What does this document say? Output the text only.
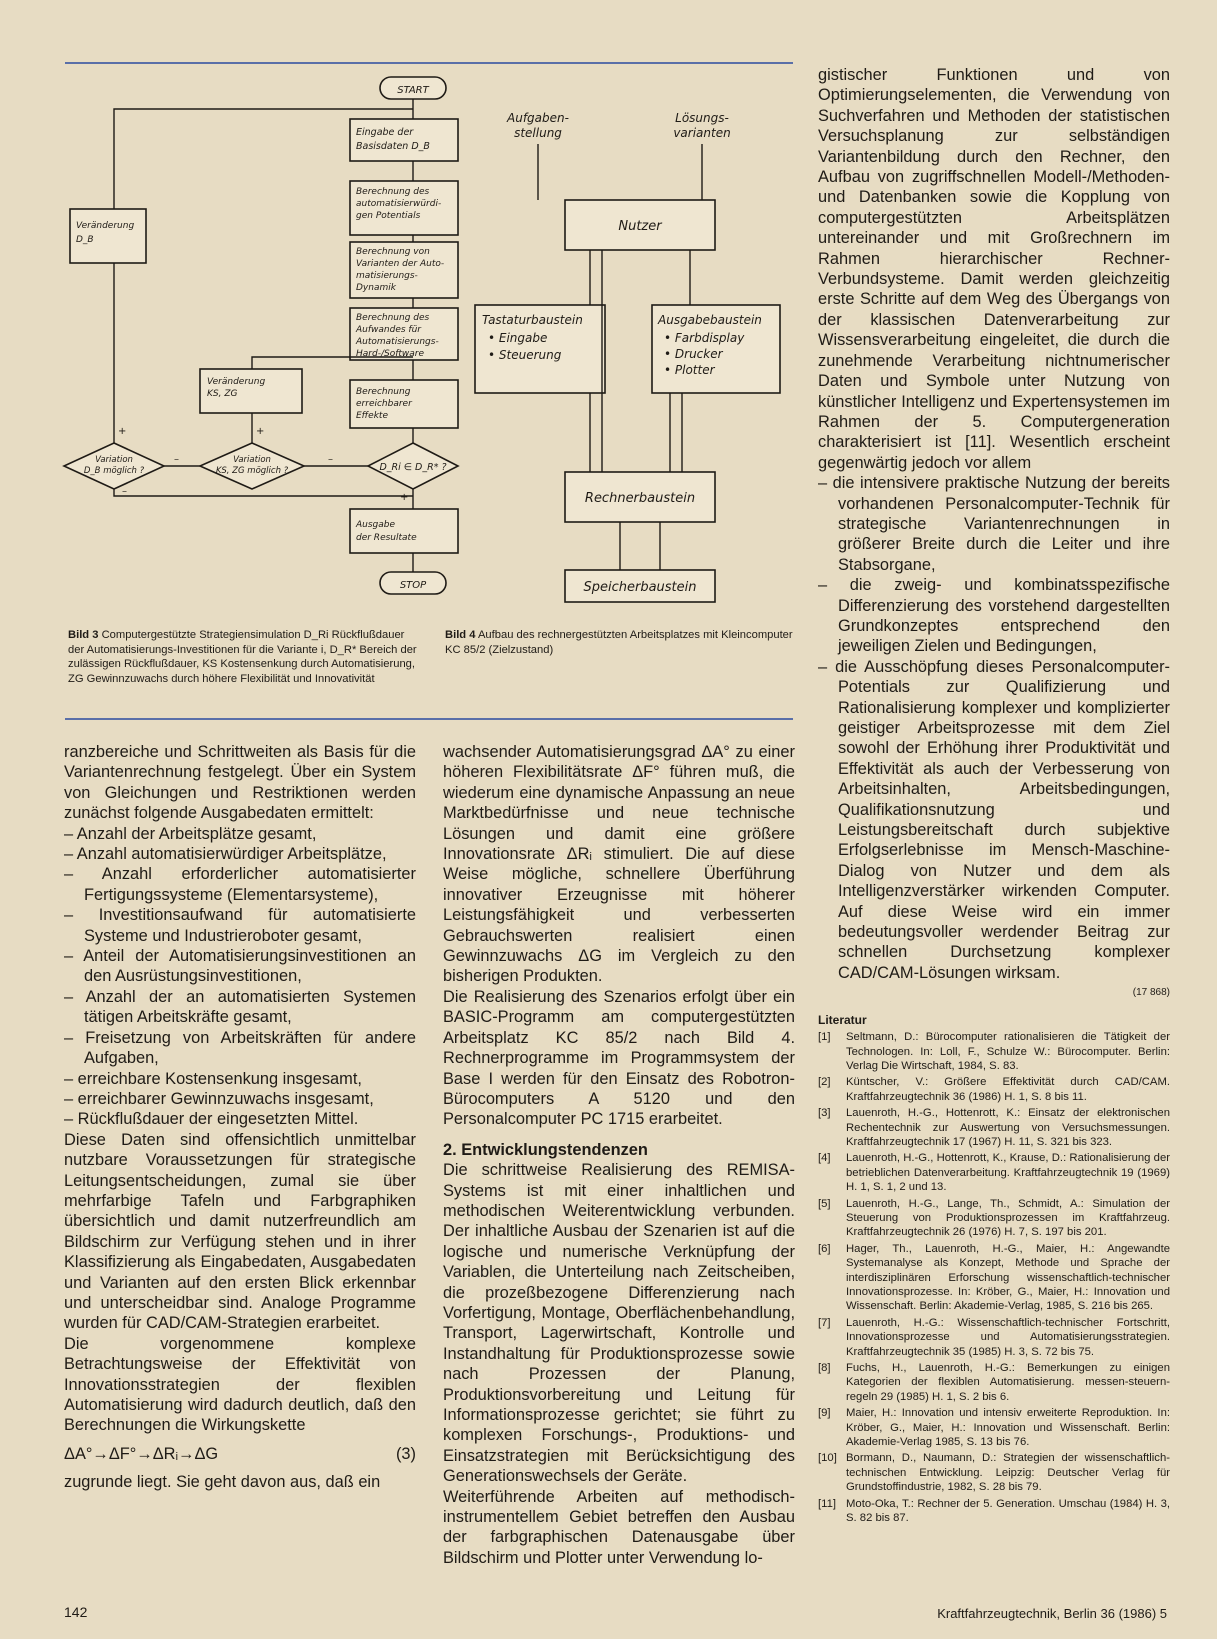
START
Eingabe der
Basisdaten D_B
Berechnung des
automatisierwürdi-
gen Potentials
Berechnung von
Varianten der Auto-
matisierungs-
Dynamik
Berechnung des
Aufwandes für
Automatisierungs-
Hard-/Software
Berechnung
erreichbarer
Effekte
D_Ri ∈ D_R* ?
+
Ausgabe
der Resultate
STOP
Variation
KS, ZG möglich ?
–
Veränderung
KS, ZG
+
Variation
D_B möglich ?
–
Veränderung
D_B
+
–
Aufgaben-
stellung
Lösungs-
varianten
Nutzer
Tastaturbaustein
• Eingabe
• Steuerung
Ausgabebaustein
• Farbdisplay
• Drucker
• Plotter
Rechnerbaustein
Speicherbaustein
Bild 3 Computergestützte Strategiensimulation D_Ri Rückflußdauer der Automatisierungs-Investitionen für die Variante i, D_R* Bereich der zulässigen Rückflußdauer, KS Kostensenkung durch Automatisierung, ZG Gewinnzuwachs durch höhere Flexibilität und Innovativität
Bild 4 Aufbau des rechnergestützten Arbeitsplatzes mit Kleincomputer KC 85/2 (Zielzustand)

ranzbereiche und Schrittweiten als Basis für die Variantenrechnung festgelegt. Über ein System von Gleichungen und Restriktionen werden zunächst folgende Ausgabedaten ermittelt:

– Anzahl der Arbeitsplätze gesamt,

– Anzahl automatisierwürdiger Arbeitsplätze,

– Anzahl erforderlicher automatisierter Fertigungssysteme (Elementarsysteme),

– Investitionsaufwand für automatisierte Systeme und Industrieroboter gesamt,

– Anteil der Automatisierungsinvestitionen an den Ausrüstungsinvestitionen,

– Anzahl der an automatisierten Systemen tätigen Arbeitskräfte gesamt,

– Freisetzung von Arbeitskräften für andere Aufgaben,

– erreichbare Kostensenkung insgesamt,

– erreichbarer Gewinnzuwachs insgesamt,

– Rückflußdauer der eingesetzten Mittel.

Diese Daten sind offensichtlich unmittelbar nutzbare Voraussetzungen für strategische Leitungsentscheidungen, zumal sie über mehrfarbige Tafeln und Farbgraphiken übersichtlich und damit nutzerfreundlich am Bildschirm zur Verfügung stehen und in ihrer Klassifizierung als Eingabedaten, Ausgabedaten und Varianten auf den ersten Blick erkennbar und unterscheidbar sind. Analoge Programme wurden für CAD/CAM-Strategien erarbeitet.

Die vorgenommene komplexe Betrachtungsweise der Effektivität von Innovationsstrategien der flexiblen Automatisierung wird dadurch deutlich, daß den Berechnungen die Wirkungskette

ΔA°→ΔF°→ΔRᵢ→ΔG	(3)

zugrunde liegt. Sie geht davon aus, daß ein

wachsender Automatisierungsgrad ΔA° zu einer höheren Flexibilitätsrate ΔF° führen muß, die wiederum eine dynamische Anpassung an neue Marktbedürfnisse und neue technische Lösungen und damit eine größere Innovationsrate ΔRᵢ stimuliert. Die auf diese Weise mögliche, schnellere Überführung innovativer Erzeugnisse mit höherer Leistungsfähigkeit und verbesserten Gebrauchswerten realisiert einen Gewinnzuwachs ΔG im Vergleich zu den bisherigen Produkten.

Die Realisierung des Szenarios erfolgt über ein BASIC-Programm am computergestützten Arbeitsplatz KC 85/2 nach Bild 4. Rechnerprogramme im Programmsystem der Base I werden für den Einsatz des Robotron-Bürocomputers A 5120 und den Personalcomputer PC 1715 erarbeitet.

2. Entwicklungstendenzen

Die schrittweise Realisierung des REMISA-Systems ist mit einer inhaltlichen und methodischen Weiterentwicklung verbunden. Der inhaltliche Ausbau der Szenarien ist auf die logische und numerische Verknüpfung der Variablen, die Unterteilung nach Zeitscheiben, die prozeßbezogene Differenzierung nach Vorfertigung, Montage, Oberflächenbehandlung, Transport, Lagerwirtschaft, Kontrolle und Instandhaltung für Produktionsprozesse sowie nach Prozessen der Planung, Produktionsvorbereitung und Leitung für Informationsprozesse gerichtet; sie führt zu komplexen Forschungs-, Produktions- und Einsatzstrategien mit Berücksichtigung des Generationswechsels der Geräte.

Weiterführende Arbeiten auf methodisch-instrumentellem Gebiet betreffen den Ausbau der farbgraphischen Datenausgabe über Bildschirm und Plotter unter Verwendung lo-

gistischer Funktionen und von Optimierungselementen, die Verwendung von Suchverfahren und Methoden der statistischen Versuchsplanung zur selbständigen Variantenbildung durch den Rechner, den Aufbau von zugriffschnellen Modell-/Methoden- und Datenbanken sowie die Kopplung von computergestützten Arbeitsplätzen untereinander und mit Großrechnern im Rahmen hierarchischer Rechner-Verbundsysteme. Damit werden gleichzeitig erste Schritte auf dem Weg des Übergangs von der klassischen Datenverarbeitung zur Wissensverarbeitung eingeleitet, die durch die zunehmende Verarbeitung nichtnumerischer Daten und Symbole unter Nutzung von künstlicher Intelligenz und Expertensystemen im Rahmen der 5. Computergeneration charakterisiert ist [11]. Wesentlich erscheint gegenwärtig jedoch vor allem

– die intensivere praktische Nutzung der bereits vorhandenen Personalcomputer-Technik für strategische Variantenrechnungen in größerer Breite durch die Leiter und ihre Stabsorgane,

– die zweig- und kombinatsspezifische Differenzierung des vorstehend dargestellten Grundkonzeptes entsprechend den jeweiligen Zielen und Bedingungen,

– die Ausschöpfung dieses Personalcomputer-Potentials zur Qualifizierung und Rationalisierung komplexer und komplizierter geistiger Arbeitsprozesse mit dem Ziel sowohl der Erhöhung ihrer Produktivität und Effektivität als auch der Verbesserung von Arbeitsinhalten, Arbeitsbedingungen, Qualifikationsnutzung und Leistungsbereitschaft durch subjektive Erfolgserlebnisse im Mensch-Maschine-Dialog von Nutzer und dem als Intelligenzverstärker wirkenden Computer. Auf diese Weise wird ein immer bedeutungsvoller werdender Beitrag zur schnellen Durchsetzung komplexer CAD/CAM-Lösungen wirksam.

(17 868)

Literatur

[1] Seltmann, D.: Bürocomputer rationalisieren die Tätigkeit der Technologen. In: Loll, F., Schulze W.: Bürocomputer. Berlin: Verlag Die Wirtschaft, 1984, S. 83.
[2] Küntscher, V.: Größere Effektivität durch CAD/CAM. Kraftfahrzeugtechnik 36 (1986) H. 1, S. 8 bis 11.
[3] Lauenroth, H.-G., Hottenrott, K.: Einsatz der elektronischen Rechentechnik zur Auswertung von Versuchsmessungen. Kraftfahrzeugtechnik 17 (1967) H. 11, S. 321 bis 323.
[4] Lauenroth, H.-G., Hottenrott, K., Krause, D.: Rationalisierung der betrieblichen Datenverarbeitung. Kraftfahrzeugtechnik 19 (1969) H. 1, S. 1, 2 und 13.
[5] Lauenroth, H.-G., Lange, Th., Schmidt, A.: Simulation der Steuerung von Produktionsprozessen im Kraftfahrzeug. Kraftfahrzeugtechnik 26 (1976) H. 7, S. 197 bis 201.
[6] Hager, Th., Lauenroth, H.-G., Maier, H.: Angewandte Systemanalyse als Konzept, Methode und Sprache der interdisziplinären Erforschung wissenschaftlich-technischer Innovationsprozesse. In: Kröber, G., Maier, H.: Innovation und Wissenschaft. Berlin: Akademie-Verlag, 1985, S. 216 bis 265.
[7] Lauenroth, H.-G.: Wissenschaftlich-technischer Fortschritt, Innovationsprozesse und Automatisierungsstrategien. Kraftfahrzeugtechnik 35 (1985) H. 3, S. 72 bis 75.
[8] Fuchs, H., Lauenroth, H.-G.: Bemerkungen zu einigen Kategorien der flexiblen Automatisierung. messen-steuern-regeln 29 (1985) H. 1, S. 2 bis 6.
[9] Maier, H.: Innovation und intensiv erweiterte Reproduktion. In: Kröber, G., Maier, H.: Innovation und Wissenschaft. Berlin: Akademie-Verlag 1985, S. 13 bis 76.
[10] Bormann, D., Naumann, D.: Strategien der wissenschaftlich-technischen Entwicklung. Leipzig: Deutscher Verlag für Grundstoffindustrie, 1982, S. 28 bis 79.
[11] Moto-Oka, T.: Rechner der 5. Generation. Umschau (1984) H. 3, S. 82 bis 87.
142	Kraftfahrzeugtechnik, Berlin 36 (1986) 5
